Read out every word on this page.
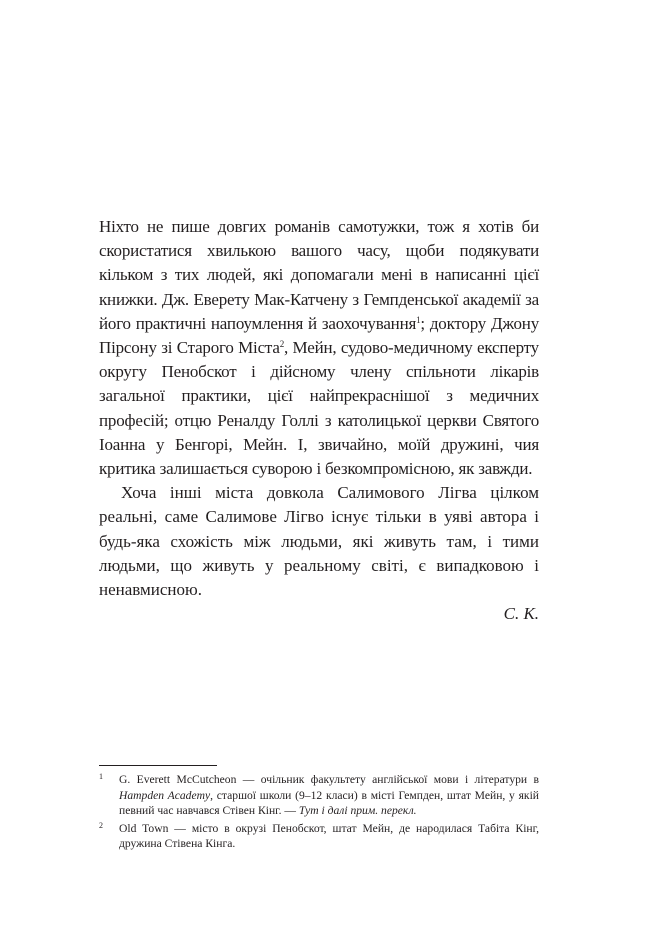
Ніхто не пише довгих романів самотужки, тож я хотів би скористатися хвилькою вашого часу, щоби подякувати кільком з тих людей, які допомагали мені в написанні цієї книжки. Дж. Еверету Мак-Катчену з Гемпденської академії за його практичні напоумлення й заохочування$^1$; доктору Джону Пірсону зі Старого Міста$^2$, Мейн, судово-медичному експерту округу Пенобскот і дійсному члену спільноти лікарів загальної практики, цієї найпрекраснішої з медичних професій; отцю Реналду Голлі з католицької церкви Святого Іоанна у Бенгорі, Мейн. І, звичайно, моїй дружині, чия критика залишається суворою і безкомпромісною, як завжди.

Хоча інші міста довкола Салимового Лігва цілком реальні, саме Салимове Лігво існує тільки в уяві автора і будь-яка схожість між людьми, які живуть там, і тими людьми, що живуть у реальному світі, є випадковою і ненавмисною.

С. К.

1 G. Everett McCutcheon — очільник факультету англійської мови і літератури в Hampden Academy, старшої школи (9–12 класи) в місті Гемпден, штат Мейн, у якій певний час навчався Стівен Кінг. — Тут і далі прим. перекл.

2 Old Town — місто в окрузі Пенобскот, штат Мейн, де народилася Табіта Кінг, дружина Стівена Кінга.
